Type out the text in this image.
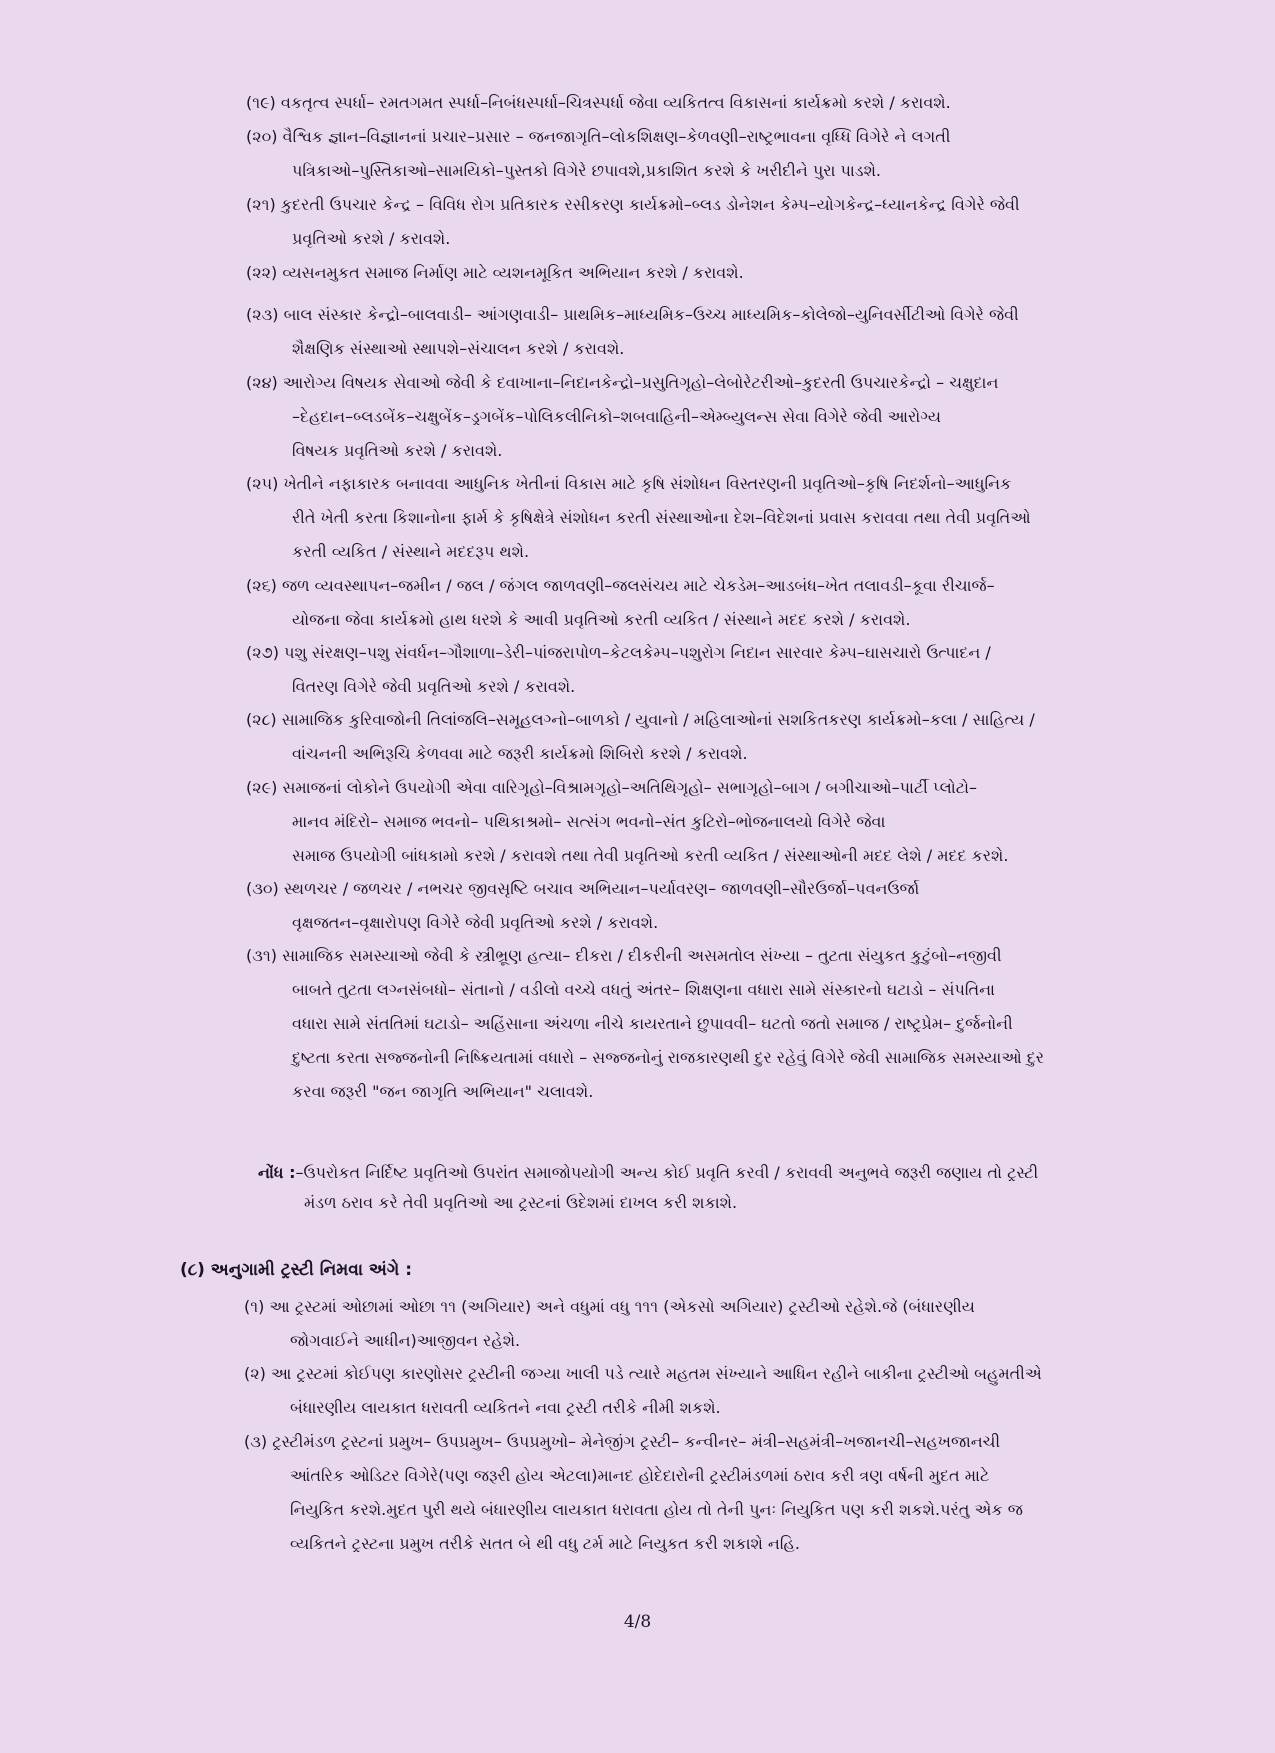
(૧૯) વકતૃત્વ સ્પર્ધા– રમતગમત સ્પર્ધા–નિબંધસ્પર્ધા–ચિત્રસ્પર્ધા જેવા વ્યકિતત્વ વિકાસનાં કાર્યક્રમો કરશે / કરાવશે.
(૨૦) વૈશ્વિક જ્ઞાન–વિજ્ઞાનનાં પ્રચાર–પ્રસાર – જનજાગૃતિ–લોકશિક્ષણ–કેળવણી–રાષ્ટ્રભાવના વૃધ્ધિ વિગેરે ને લગતી
પત્રિકાઓ–પુસ્તિકાઓ–સામયિકો–પુસ્તકો વિગેરે છપાવશે,પ્રકાશિત કરશે કે ખરીદીને પુરા પાડશે.
(૨૧) કુદરતી ઉપચાર કેન્દ્ર – વિવિધ રોગ પ્રતિકારક રસીકરણ કાર્યક્રમો–બ્લડ ડોનેશન કેમ્પ–યોગકેન્દ્ર–ધ્યાનકેન્દ્ર વિગેરે જેવી
પ્રવૃતિઓ કરશે / કરાવશે.
(૨૨) વ્યસનમુકત સમાજ નિર્માણ માટે વ્યશનમૂકિત અભિયાન કરશે / કરાવશે.
(૨૩) બાલ સંસ્કાર કેન્દ્રો–બાલવાડી– આંગણવાડી– પ્રાથમિક–માધ્યમિક–ઉચ્ચ માધ્યમિક–કોલેજો–યુનિવર્સીટીઓ વિગેરે જેવી
શૈક્ષણિક સંસ્થાઓ સ્થાપશે–સંચાલન કરશે / કરાવશે.
(૨૪) આરોગ્ય વિષયક સેવાઓ જેવી કે દવાખાના–નિદાનકેન્દ્રો–પ્રસુતિગૃહો–લેબોરેટરીઓ–કુદરતી ઉપચારકેન્દ્રો – ચક્ષુદાન
–દેહદાન–બ્લડબેંક–ચક્ષુબેંક–ડ્રગબેંક–પોલિકલીનિકો–શબવાહિની–એમ્બ્યુલન્સ સેવા વિગેરે જેવી આરોગ્ય
વિષયક પ્રવૃતિઓ કરશે / કરાવશે.
(૨૫) ખેતીને નફાકારક બનાવવા આધુનિક ખેતીનાં વિકાસ માટે કૃષિ સંશોધન વિસ્તરણની પ્રવૃતિઓ–કૃષિ નિદર્શનો–આધુનિક
રીતે ખેતી કરતા કિશાનોના ફાર્મ કે કૃષિક્ષેત્રે સંશોધન કરતી સંસ્થાઓના દેશ–વિદેશનાં પ્રવાસ કરાવવા તથા તેવી પ્રવૃતિઓ
કરતી વ્યકિત / સંસ્થાને મદદરૂપ થશે.
(૨૬) જળ વ્યવસ્થાપન–જમીન / જલ / જંગલ જાળવણી–જલસંચય માટે ચેકડેમ–આડબંધ–ખેત તલાવડી–કૂવા રીચાર્જ–
યોજના જેવા કાર્યક્રમો હાથ ધરશે કે આવી પ્રવૃતિઓ કરતી વ્યકિત / સંસ્થાને મદદ કરશે / કરાવશે.
(૨૭) પશુ સંરક્ષણ–પશુ સંવર્ધન–ગૌશાળા–ડેરી–પાંજરાપોળ–કેટલકેમ્પ–પશુરોગ નિદાન સારવાર કેમ્પ–ઘાસચારો ઉત્પાદન /
વિતરણ વિગેરે જેવી પ્રવૃતિઓ કરશે / કરાવશે.
(૨૮) સામાજિક કુરિવાજોની તિલાંજલિ–સમૂહલગ્નો–બાળકો / યુવાનો / મહિલાઓનાં સશકિતકરણ કાર્યક્રમો–કલા / સાહિત્ય /
વાંચનની અભિરૂચિ કેળવવા માટે જરૂરી કાર્યક્રમો શિબિરો કરશે / કરાવશે.
(૨૯) સમાજનાં લોકોને ઉપયોગી એવા વારિગૃહો–વિશ્રામગૃહો–અતિથિગૃહો– સભાગૃહો–બાગ / બગીચાઓ–પાર્ટી પ્લોટો–
માનવ મંદિરો– સમાજ ભવનો– પથિકાશ્રમો– સત્સંગ ભવનો–સંત કુટિરો–ભોજનાલયો વિગેરે જેવા
સમાજ ઉપયોગી બાંધકામો કરશે / કરાવશે તથા તેવી પ્રવૃતિઓ કરતી વ્યકિત / સંસ્થાઓની મદદ લેશે / મદદ કરશે.
(૩૦) સ્થળચર / જળચર / નભચર જીવસૃષ્ટિ બચાવ અભિયાન–પર્યાવરણ– જાળવણી–સૌરઉર્જા–પવનઉર્જા
વૃક્ષજતન–વૃક્ષારોપણ વિગેરે જેવી પ્રવૃતિઓ કરશે / કરાવશે.
(૩૧) સામાજિક સમસ્યાઓ જેવી કે સ્ત્રીભ્રૂણ હત્યા– દીકરા / દીકરીની અસમતોલ સંખ્યા – તુટતા સંયુકત કુટુંબો–નજીવી
બાબતે તુટતા લગ્નસંબધો– સંતાનો / વડીલો વચ્ચે વધતું અંતર– શિક્ષણના વધારા સામે સંસ્કારનો ઘટાડો – સંપતિના
વધારા સામે સંતતિમાં ઘટાડો– અહિંસાના અંચળા નીચે કાયરતાને છુપાવવી– ઘટતો જતો સમાજ / રાષ્ટ્રપ્રેમ– દુર્જનોની
દુષ્ટતા કરતા સજ્જનોની નિષ્ક્રિયતામાં વધારો – સજ્જનોનું રાજકારણથી દુર રહેવું વિગેરે જેવી સામાજિક સમસ્યાઓ દુર
કરવા જરૂરી "જન જાગૃતિ અભિયાન" ચલાવશે.
નોંધ :–ઉપરોકત નિર્દિષ્ટ પ્રવૃતિઓ ઉપરાંત સમાજોપયોગી અન્ય કોઈ પ્રવૃતિ કરવી / કરાવવી અનુભવે જરૂરી જણાય તો ટ્રસ્ટી
મંડળ ઠરાવ કરે તેવી પ્રવૃતિઓ આ ટ્રસ્ટનાં ઉદેશમાં દાખલ કરી શકાશે.
(૮) અનુગામી ટ્રસ્ટી નિમવા અંગે :
(૧) આ ટ્રસ્ટમાં ઓછામાં ઓછા ૧૧ (અગિયાર) અને વધુમાં વધુ ૧૧૧ (એકસો અગિયાર) ટ્રસ્ટીઓ રહેશે.જે (બંધારણીય
જોગવાઈને આધીન)આજીવન રહેશે.
(૨) આ ટ્રસ્ટમાં કોઈપણ કારણોસર ટ્રસ્ટીની જગ્યા ખાલી પડે ત્યારે મહતમ સંખ્યાને આધિન રહીને બાકીના ટ્રસ્ટીઓ બહુમતીએ
બંધારણીય લાયકાત ધરાવતી વ્યકિતને નવા ટ્રસ્ટી તરીકે નીમી શકશે.
(૩) ટ્રસ્ટીમંડળ ટ્રસ્ટનાં પ્રમુખ– ઉપપ્રમુખ– ઉપપ્રમુખો– મેનેજીંગ ટ્રસ્ટી– કન્વીનર– મંત્રી–સહમંત્રી–ખજાનચી–સહખજાનચી
આંતરિક ઓડિટર વિગેરે(પણ જરૂરી હોય એટલા)માનદ હોદેદારોની ટ્રસ્ટીમંડળમાં ઠરાવ કરી ત્રણ વર્ષની મુદત માટે
નિયુકિત કરશે.મુદત પુરી થયે બંધારણીય લાયકાત ધરાવતા હોય તો તેની પુનઃ નિયુકિત પણ કરી શકશે.પરંતુ એક જ
વ્યકિતને ટ્રસ્ટના પ્રમુખ તરીકે સતત બે થી વધુ ટર્મ માટે નિયુકત કરી શકાશે નહિ.
4/8
